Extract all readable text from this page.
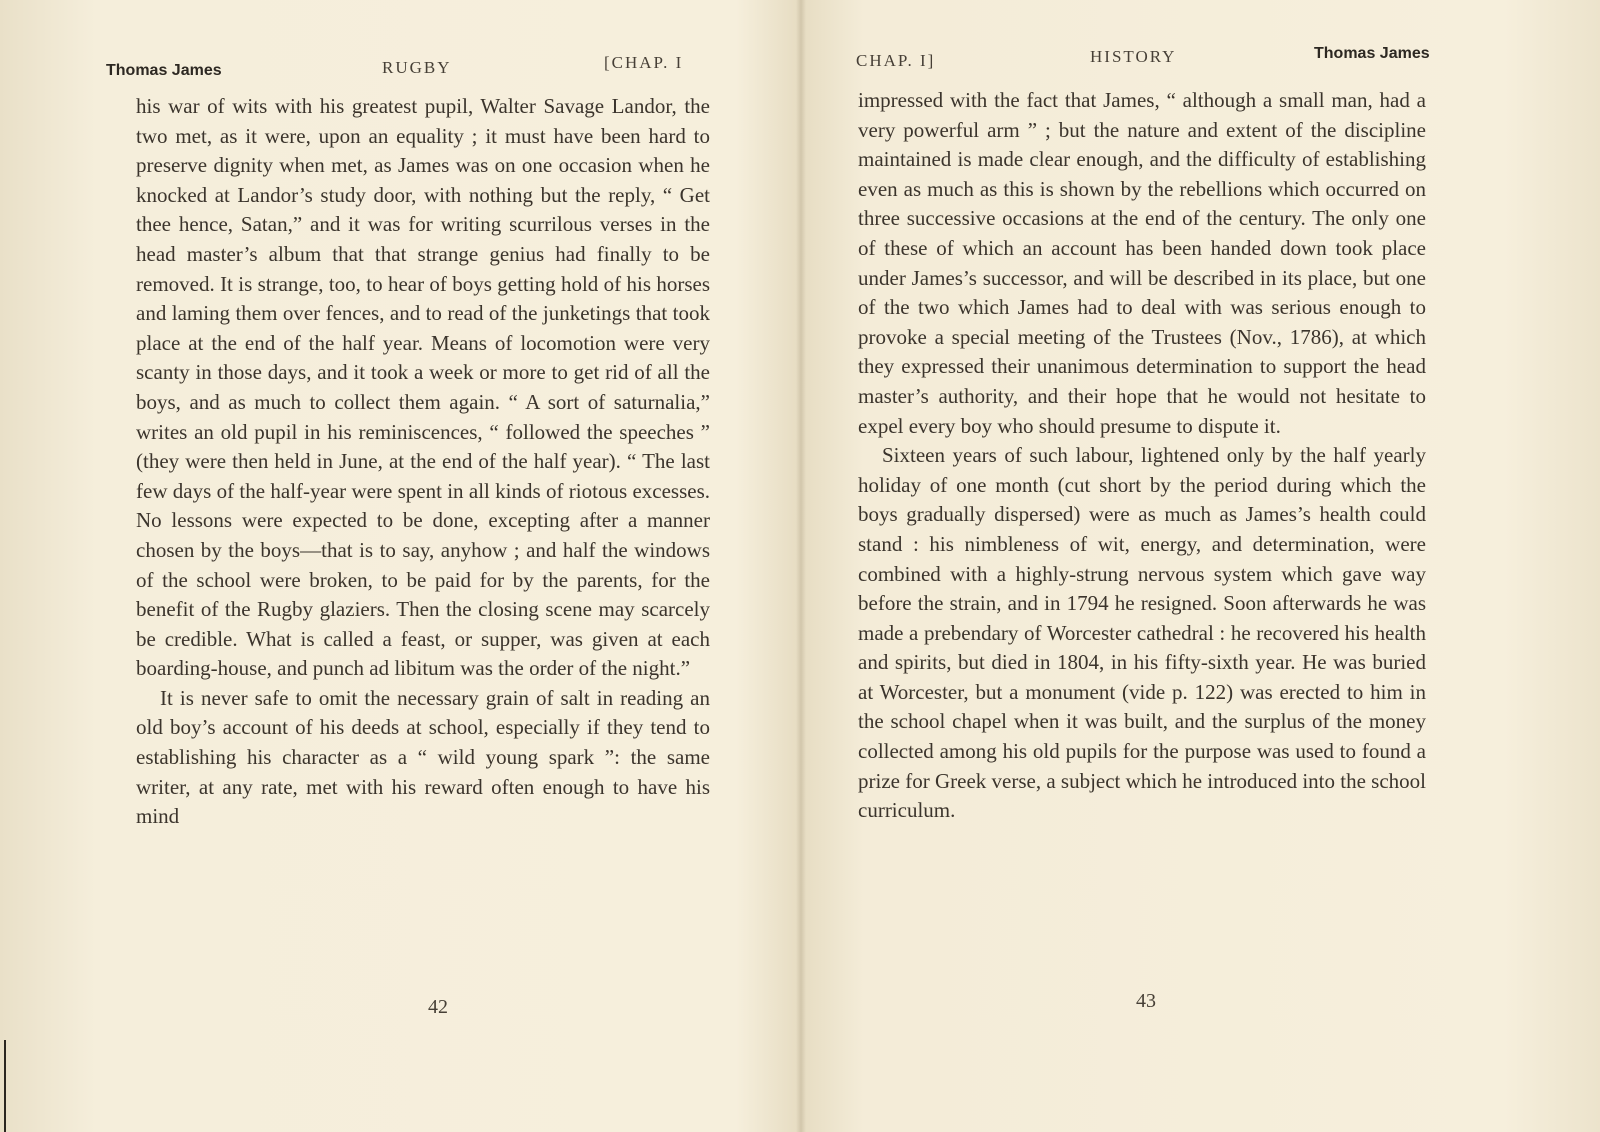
Thomas James	RUGBY	[CHAP. I

his war of wits with his greatest pupil, Walter Savage Landor, the two met, as it were, upon an equality ; it must have been hard to preserve dignity when met, as James was on one occasion when he knocked at Landor’s study door, with nothing but the reply, “ Get thee hence, Satan,” and it was for writing scurrilous verses in the head master’s album that that strange genius had finally to be removed. It is strange, too, to hear of boys getting hold of his horses and laming them over fences, and to read of the junketings that took place at the end of the half year. Means of locomotion were very scanty in those days, and it took a week or more to get rid of all the boys, and as much to collect them again. “ A sort of saturnalia,” writes an old pupil in his reminiscences, “ followed the speeches ” (they were then held in June, at the end of the half year). “ The last few days of the half-year were spent in all kinds of riotous excesses. No lessons were expected to be done, excepting after a manner chosen by the boys—that is to say, anyhow ; and half the windows of the school were broken, to be paid for by the parents, for the benefit of the Rugby glaziers. Then the closing scene may scarcely be credible. What is called a feast, or supper, was given at each boarding-house, and punch ad libitum was the order of the night.”

It is never safe to omit the necessary grain of salt in reading an old boy’s account of his deeds at school, especially if they tend to establishing his character as a “ wild young spark ”: the same writer, at any rate, met with his reward often enough to have his mind

42
CHAP. I]	HISTORY	Thomas James

impressed with the fact that James, “ although a small man, had a very powerful arm ” ; but the nature and extent of the discipline maintained is made clear enough, and the difficulty of establishing even as much as this is shown by the rebellions which occurred on three successive occasions at the end of the century. The only one of these of which an account has been handed down took place under James’s successor, and will be described in its place, but one of the two which James had to deal with was serious enough to provoke a special meeting of the Trustees (Nov., 1786), at which they expressed their unanimous determination to support the head master’s authority, and their hope that he would not hesitate to expel every boy who should presume to dispute it.

Sixteen years of such labour, lightened only by the half yearly holiday of one month (cut short by the period during which the boys gradually dispersed) were as much as James’s health could stand : his nimbleness of wit, energy, and determination, were combined with a highly-strung nervous system which gave way before the strain, and in 1794 he resigned. Soon afterwards he was made a prebendary of Worcester cathedral : he recovered his health and spirits, but died in 1804, in his fifty-sixth year. He was buried at Worcester, but a monument (vide p. 122) was erected to him in the school chapel when it was built, and the surplus of the money collected among his old pupils for the purpose was used to found a prize for Greek verse, a subject which he introduced into the school curriculum.

43
